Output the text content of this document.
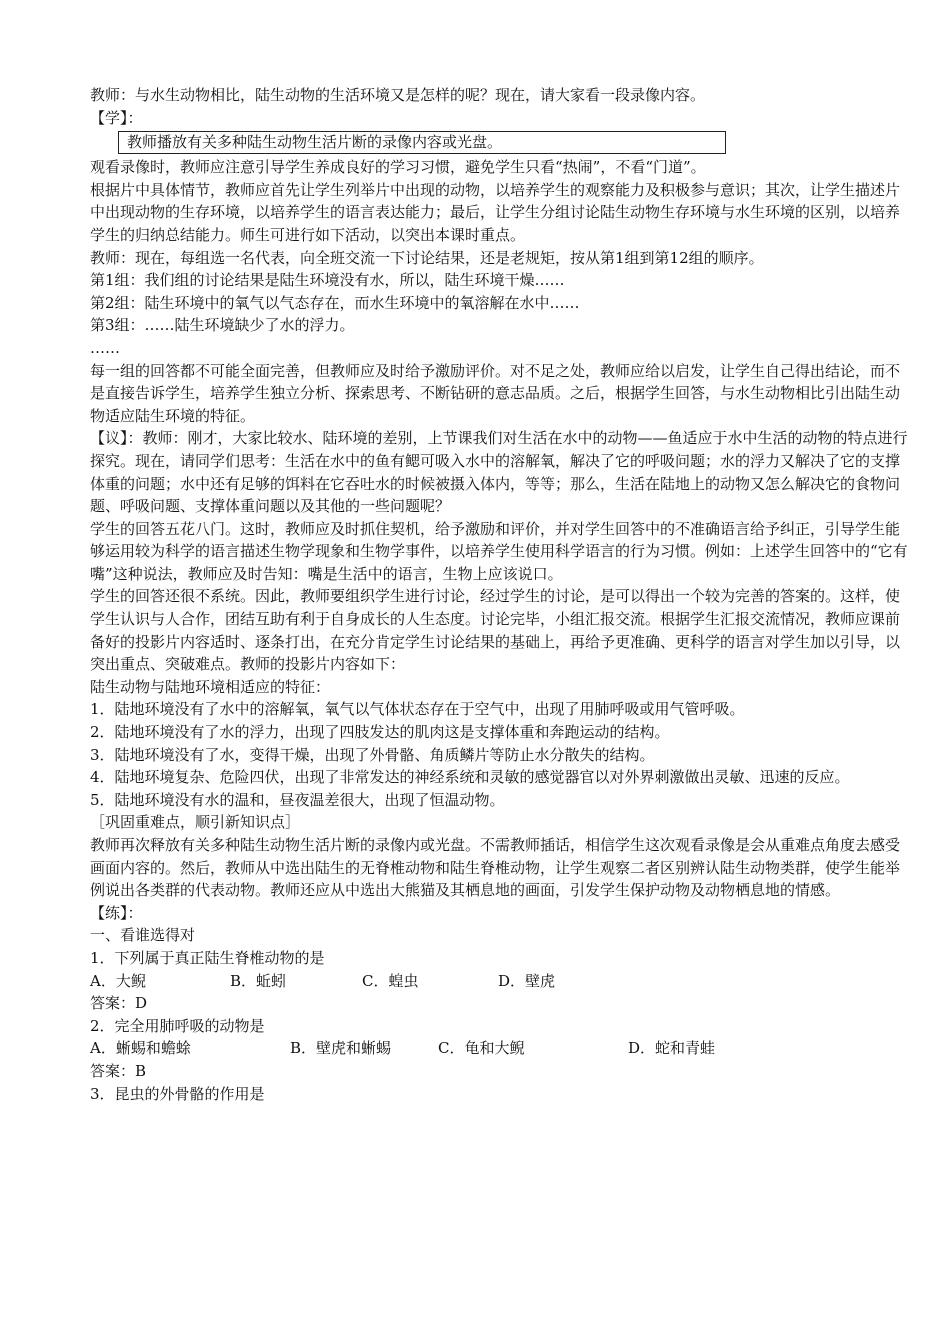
教师：与水生动物相比，陆生动物的生活环境又是怎样的呢？现在，请大家看一段录像内容。

【学】：

教师播放有关多种陆生动物生活片断的录像内容或光盘。

观看录像时，教师应注意引导学生养成良好的学习习惯，避免学生只看“热闹”，不看“门道”。

根据片中具体情节，教师应首先让学生列举片中出现的动物，以培养学生的观察能力及积极参与意识；其次，让学生描述片中出现动物的生存环境，以培养学生的语言表达能力；最后，让学生分组讨论陆生动物生存环境与水生环境的区别，以培养学生的归纳总结能力。师生可进行如下活动，以突出本课时重点。

教师：现在，每组选一名代表，向全班交流一下讨论结果，还是老规矩，按从第1组到第12组的顺序。

第1组：我们组的讨论结果是陆生环境没有水，所以，陆生环境干燥……

第2组：陆生环境中的氧气以气态存在，而水生环境中的氧溶解在水中……

第3组：……陆生环境缺少了水的浮力。

……

每一组的回答都不可能全面完善，但教师应及时给予激励评价。对不足之处，教师应给以启发，让学生自己得出结论，而不是直接告诉学生，培养学生独立分析、探索思考、不断钻研的意志品质。之后，根据学生回答，与水生动物相比引出陆生动物适应陆生环境的特征。

【议】：教师：刚才，大家比较水、陆环境的差别，上节课我们对生活在水中的动物——鱼适应于水中生活的动物的特点进行探究。现在，请同学们思考：生活在水中的鱼有鳃可吸入水中的溶解氧，解决了它的呼吸问题；水的浮力又解决了它的支撑体重的问题；水中还有足够的饵料在它吞吐水的时候被摄入体内，等等；那么，生活在陆地上的动物又怎么解决它的食物问题、呼吸问题、支撑体重问题以及其他的一些问题呢？

学生的回答五花八门。这时，教师应及时抓住契机，给予激励和评价，并对学生回答中的不准确语言给予纠正，引导学生能够运用较为科学的语言描述生物学现象和生物学事件，以培养学生使用科学语言的行为习惯。例如：上述学生回答中的“它有嘴”这种说法，教师应及时告知：嘴是生活中的语言，生物上应该说口。

学生的回答还很不系统。因此，教师要组织学生进行讨论，经过学生的讨论，是可以得出一个较为完善的答案的。这样，使学生认识与人合作，团结互助有利于自身成长的人生态度。讨论完毕，小组汇报交流。根据学生汇报交流情况，教师应课前备好的投影片内容适时、逐条打出，在充分肯定学生讨论结果的基础上，再给予更准确、更科学的语言对学生加以引导，以突出重点、突破难点。教师的投影片内容如下：

陆生动物与陆地环境相适应的特征：

1．陆地环境没有了水中的溶解氧，氧气以气体状态存在于空气中，出现了用肺呼吸或用气管呼吸。

2．陆地环境没有了水的浮力，出现了四肢发达的肌肉这是支撑体重和奔跑运动的结构。

3．陆地环境没有了水，变得干燥，出现了外骨骼、角质鳞片等防止水分散失的结构。

4．陆地环境复杂、危险四伏，出现了非常发达的神经系统和灵敏的感觉器官以对外界刺激做出灵敏、迅速的反应。

5．陆地环境没有水的温和，昼夜温差很大，出现了恒温动物。

［巩固重难点，顺引新知识点］

教师再次释放有关多种陆生动物生活片断的录像内或光盘。不需教师插话，相信学生这次观看录像是会从重难点角度去感受画面内容的。然后，教师从中选出陆生的无脊椎动物和陆生脊椎动物，让学生观察二者区别辨认陆生动物类群，使学生能举例说出各类群的代表动物。教师还应从中选出大熊猫及其栖息地的画面，引发学生保护动物及动物栖息地的情感。

【练】：

一、看谁选得对

1．下列属于真正陆生脊椎动物的是

A．大鲵	B．蚯蚓	C．蝗虫	D．壁虎

答案：D

2．完全用肺呼吸的动物是

A．蜥蜴和蟾蜍	B．壁虎和蜥蜴	C．龟和大鲵	D．蛇和青蛙

答案：B

3．昆虫的外骨骼的作用是
